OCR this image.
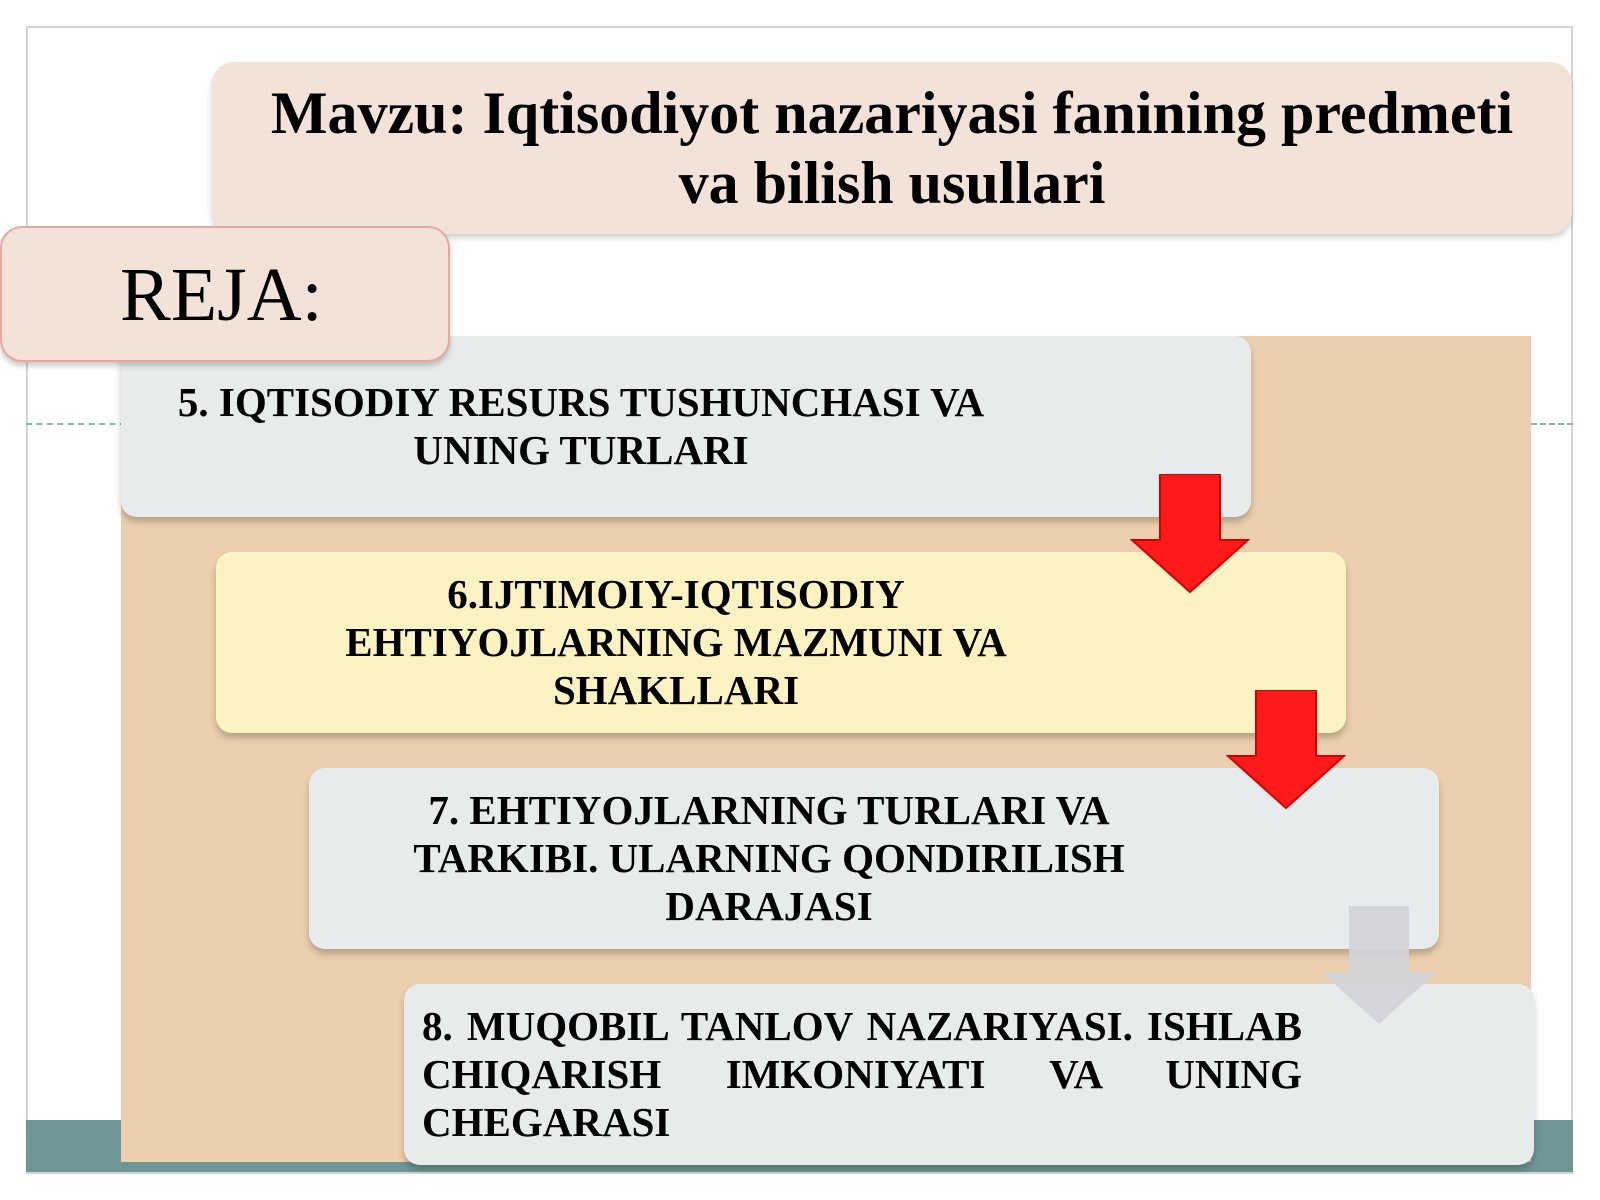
Mavzu: Iqtisodiyot nazariyasi fanining predmeti va bilish usullari
5. IQTISODIY RESURS TUSHUNCHASI VA UNING TURLARI
6.IJTIMOIY-IQTISODIY EHTIYOJLARNING MAZMUNI VA SHAKLLARI
7. EHTIYOJLARNING TURLARI VA TARKIBI. ULARNING QONDIRILISH DARAJASI
8. MUQOBIL TANLOV NAZARIYASI. ISHLAB CHIQARISH IMKONIYATI VA UNING CHEGARASI
REJA:
